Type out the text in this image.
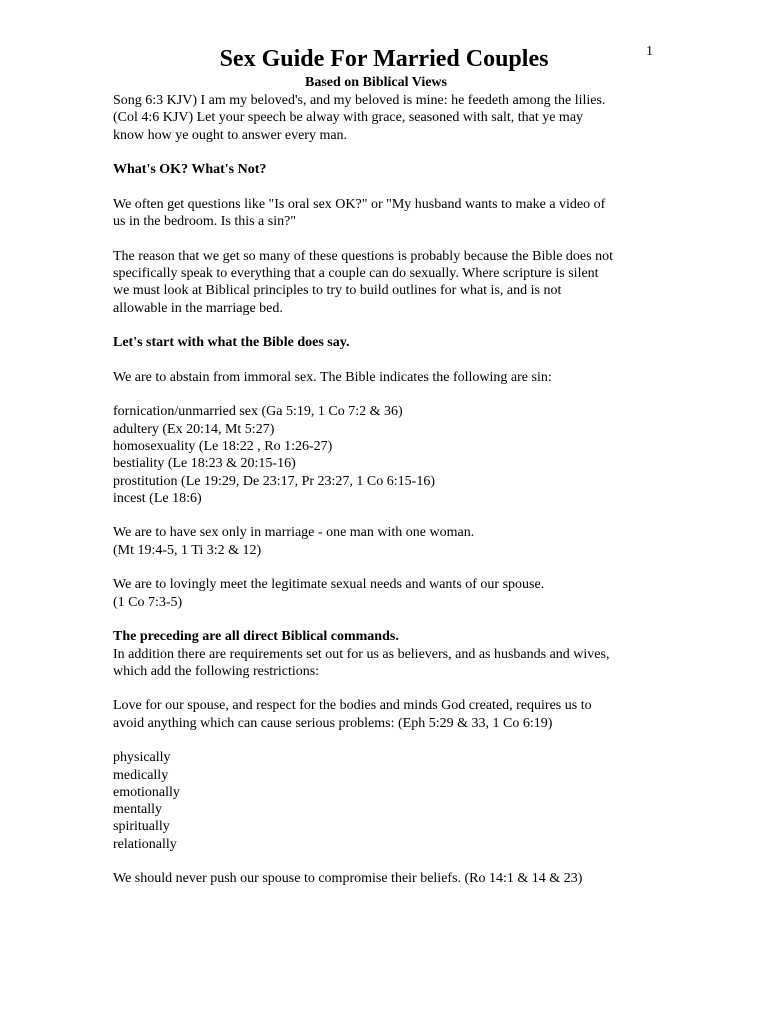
1
Sex Guide For Married Couples
Based on Biblical Views

Song 6:3 KJV) I am my beloved's, and my beloved is mine: he feedeth among the lilies.

(Col 4:6 KJV) Let your speech be alway with grace, seasoned with salt, that ye may

know how ye ought to answer every man.

What's OK? What's Not?

We often get questions like "Is oral sex OK?" or "My husband wants to make a video of

us in the bedroom. Is this a sin?"

The reason that we get so many of these questions is probably because the Bible does not

specifically speak to everything that a couple can do sexually. Where scripture is silent

we must look at Biblical principles to try to build outlines for what is, and is not

allowable in the marriage bed.

Let's start with what the Bible does say.

We are to abstain from immoral sex. The Bible indicates the following are sin:

fornication/unmarried sex (Ga 5:19, 1 Co 7:2 & 36)

adultery (Ex 20:14, Mt 5:27)

homosexuality (Le 18:22 , Ro 1:26-27)

bestiality (Le 18:23 & 20:15-16)

prostitution (Le 19:29, De 23:17, Pr 23:27, 1 Co 6:15-16)

incest (Le 18:6)

We are to have sex only in marriage - one man with one woman.

(Mt 19:4-5, 1 Ti 3:2 & 12)

We are to lovingly meet the legitimate sexual needs and wants of our spouse.

(1 Co 7:3-5)

The preceding are all direct Biblical commands.

In addition there are requirements set out for us as believers, and as husbands and wives,

which add the following restrictions:

Love for our spouse, and respect for the bodies and minds God created, requires us to

avoid anything which can cause serious problems: (Eph 5:29 & 33, 1 Co 6:19)

physically

medically

emotionally

mentally

spiritually

relationally

We should never push our spouse to compromise their beliefs. (Ro 14:1 & 14 & 23)
